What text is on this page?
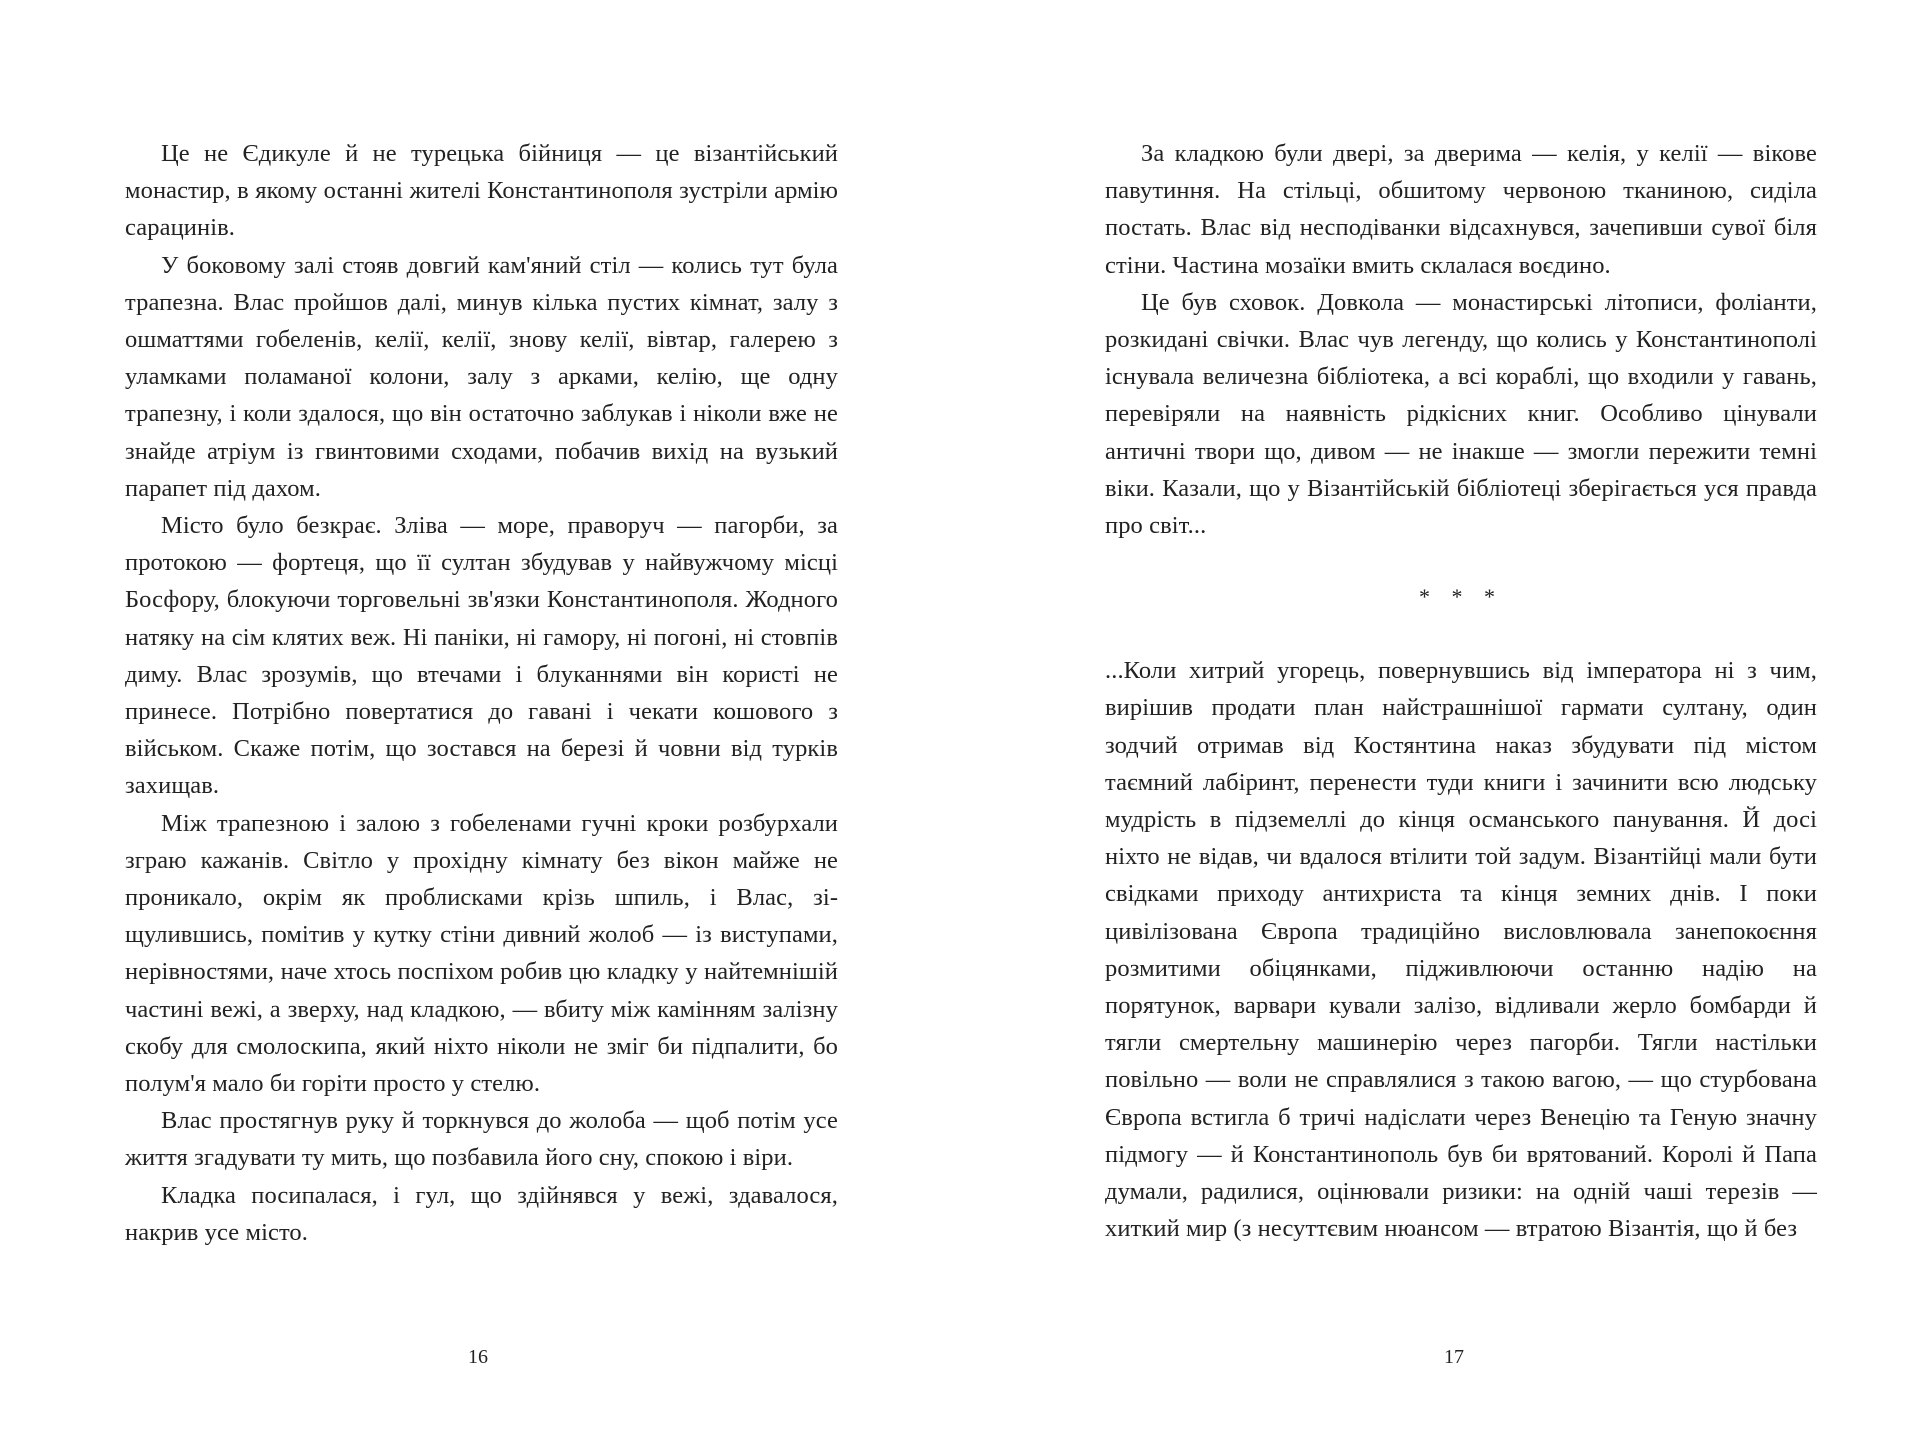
Це не Єдикуле й не турецька бійниця — це візантійський монастир, в якому останні жителі Константинополя зустріли армію сарацинів.

У боковому залі стояв довгий кам'яний стіл — колись тут була трапезна. Влас пройшов далі, минув кілька пустих кімнат, залу з ошматтями гобеленів, келії, келії, знову келії, вівтар, галерею з уламками поламаної колони, залу з арками, келію, ще одну трапезну, і коли здалося, що він остаточно заблукав і ніколи вже не знайде атріум із гвинтовими сходами, побачив вихід на вузький парапет під дахом.

Місто було безкрає. Зліва — море, праворуч — пагорби, за протокою — фортеця, що її султан збудував у найвужчому місці Босфору, блокуючи торговельні зв'язки Константинополя. Жодного натяку на сім клятих веж. Ні паніки, ні гамору, ні погоні, ні стовпів диму. Влас зрозумів, що втечами і блуканнями він користі не принесе. Потрібно повертатися до гавані і чекати кошового з військом. Скаже потім, що зостався на березі й човни від турків захищав.

Між трапезною і залою з гобеленами гучні кроки розбурхали зграю кажанів. Світло у прохідну кімнату без вікон майже не проникало, окрім як проблисками крізь шпиль, і Влас, зіщулившись, помітив у кутку стіни дивний жолоб — із виступами, нерівностями, наче хтось поспіхом робив цю кладку у найтемнішій частині вежі, а зверху, над кладкою, — вбиту між камінням залізну скобу для смолоскипа, який ніхто ніколи не зміг би підпалити, бо полум'я мало би горіти просто у стелю.

Влас простягнув руку й торкнувся до жолоба — щоб потім усе життя згадувати ту мить, що позбавила його сну, спокою і віри.

Кладка посипалася, і гул, що здійнявся у вежі, здавалося, накрив усе місто.

За кладкою були двері, за дверима — келія, у келії — вікове павутиння. На стільці, обшитому червоною тканиною, сиділа постать. Влас від несподіванки відсахнувся, зачепивши сувої біля стіни. Частина мозаїки вмить склалася воєдино.

Це був сховок. Довкола — монастирські літописи, фоліанти, розкидані свічки. Влас чув легенду, що колись у Константинополі існувала величезна бібліотека, а всі кораблі, що входили у гавань, перевіряли на наявність рідкісних книг. Особливо цінували античні твори що, дивом — не інакше — змогли пережити темні віки. Казали, що у Візантійській бібліотеці зберігається уся правда про світ...

* * *

...Коли хитрий угорець, повернувшись від імператора ні з чим, вирішив продати план найстрашнішої гармати султану, один зодчий отримав від Костянтина наказ збудувати під містом таємний лабіринт, перенести туди книги і зачинити всю людську мудрість в підземеллі до кінця османського панування. Й досі ніхто не відав, чи вдалося втілити той задум. Візантійці мали бути свідками приходу антихриста та кінця земних днів. І поки цивілізована Європа традиційно висловлювала занепокоєння розмитими обіцянками, підживлюючи останню надію на порятунок, варвари кували залізо, відливали жерло бомбарди й тягли смертельну машинерію через пагорби. Тягли настільки повільно — воли не справлялися з такою вагою, — що стурбована Європа встигла б тричі надіслати через Венецію та Геную значну підмогу — й Константинополь був би врятований. Королі й Папа думали, радилися, оцінювали ризики: на одній чаші терезів — хиткий мир (з несуттєвим нюансом — втратою Візантія, що й без

16	17
